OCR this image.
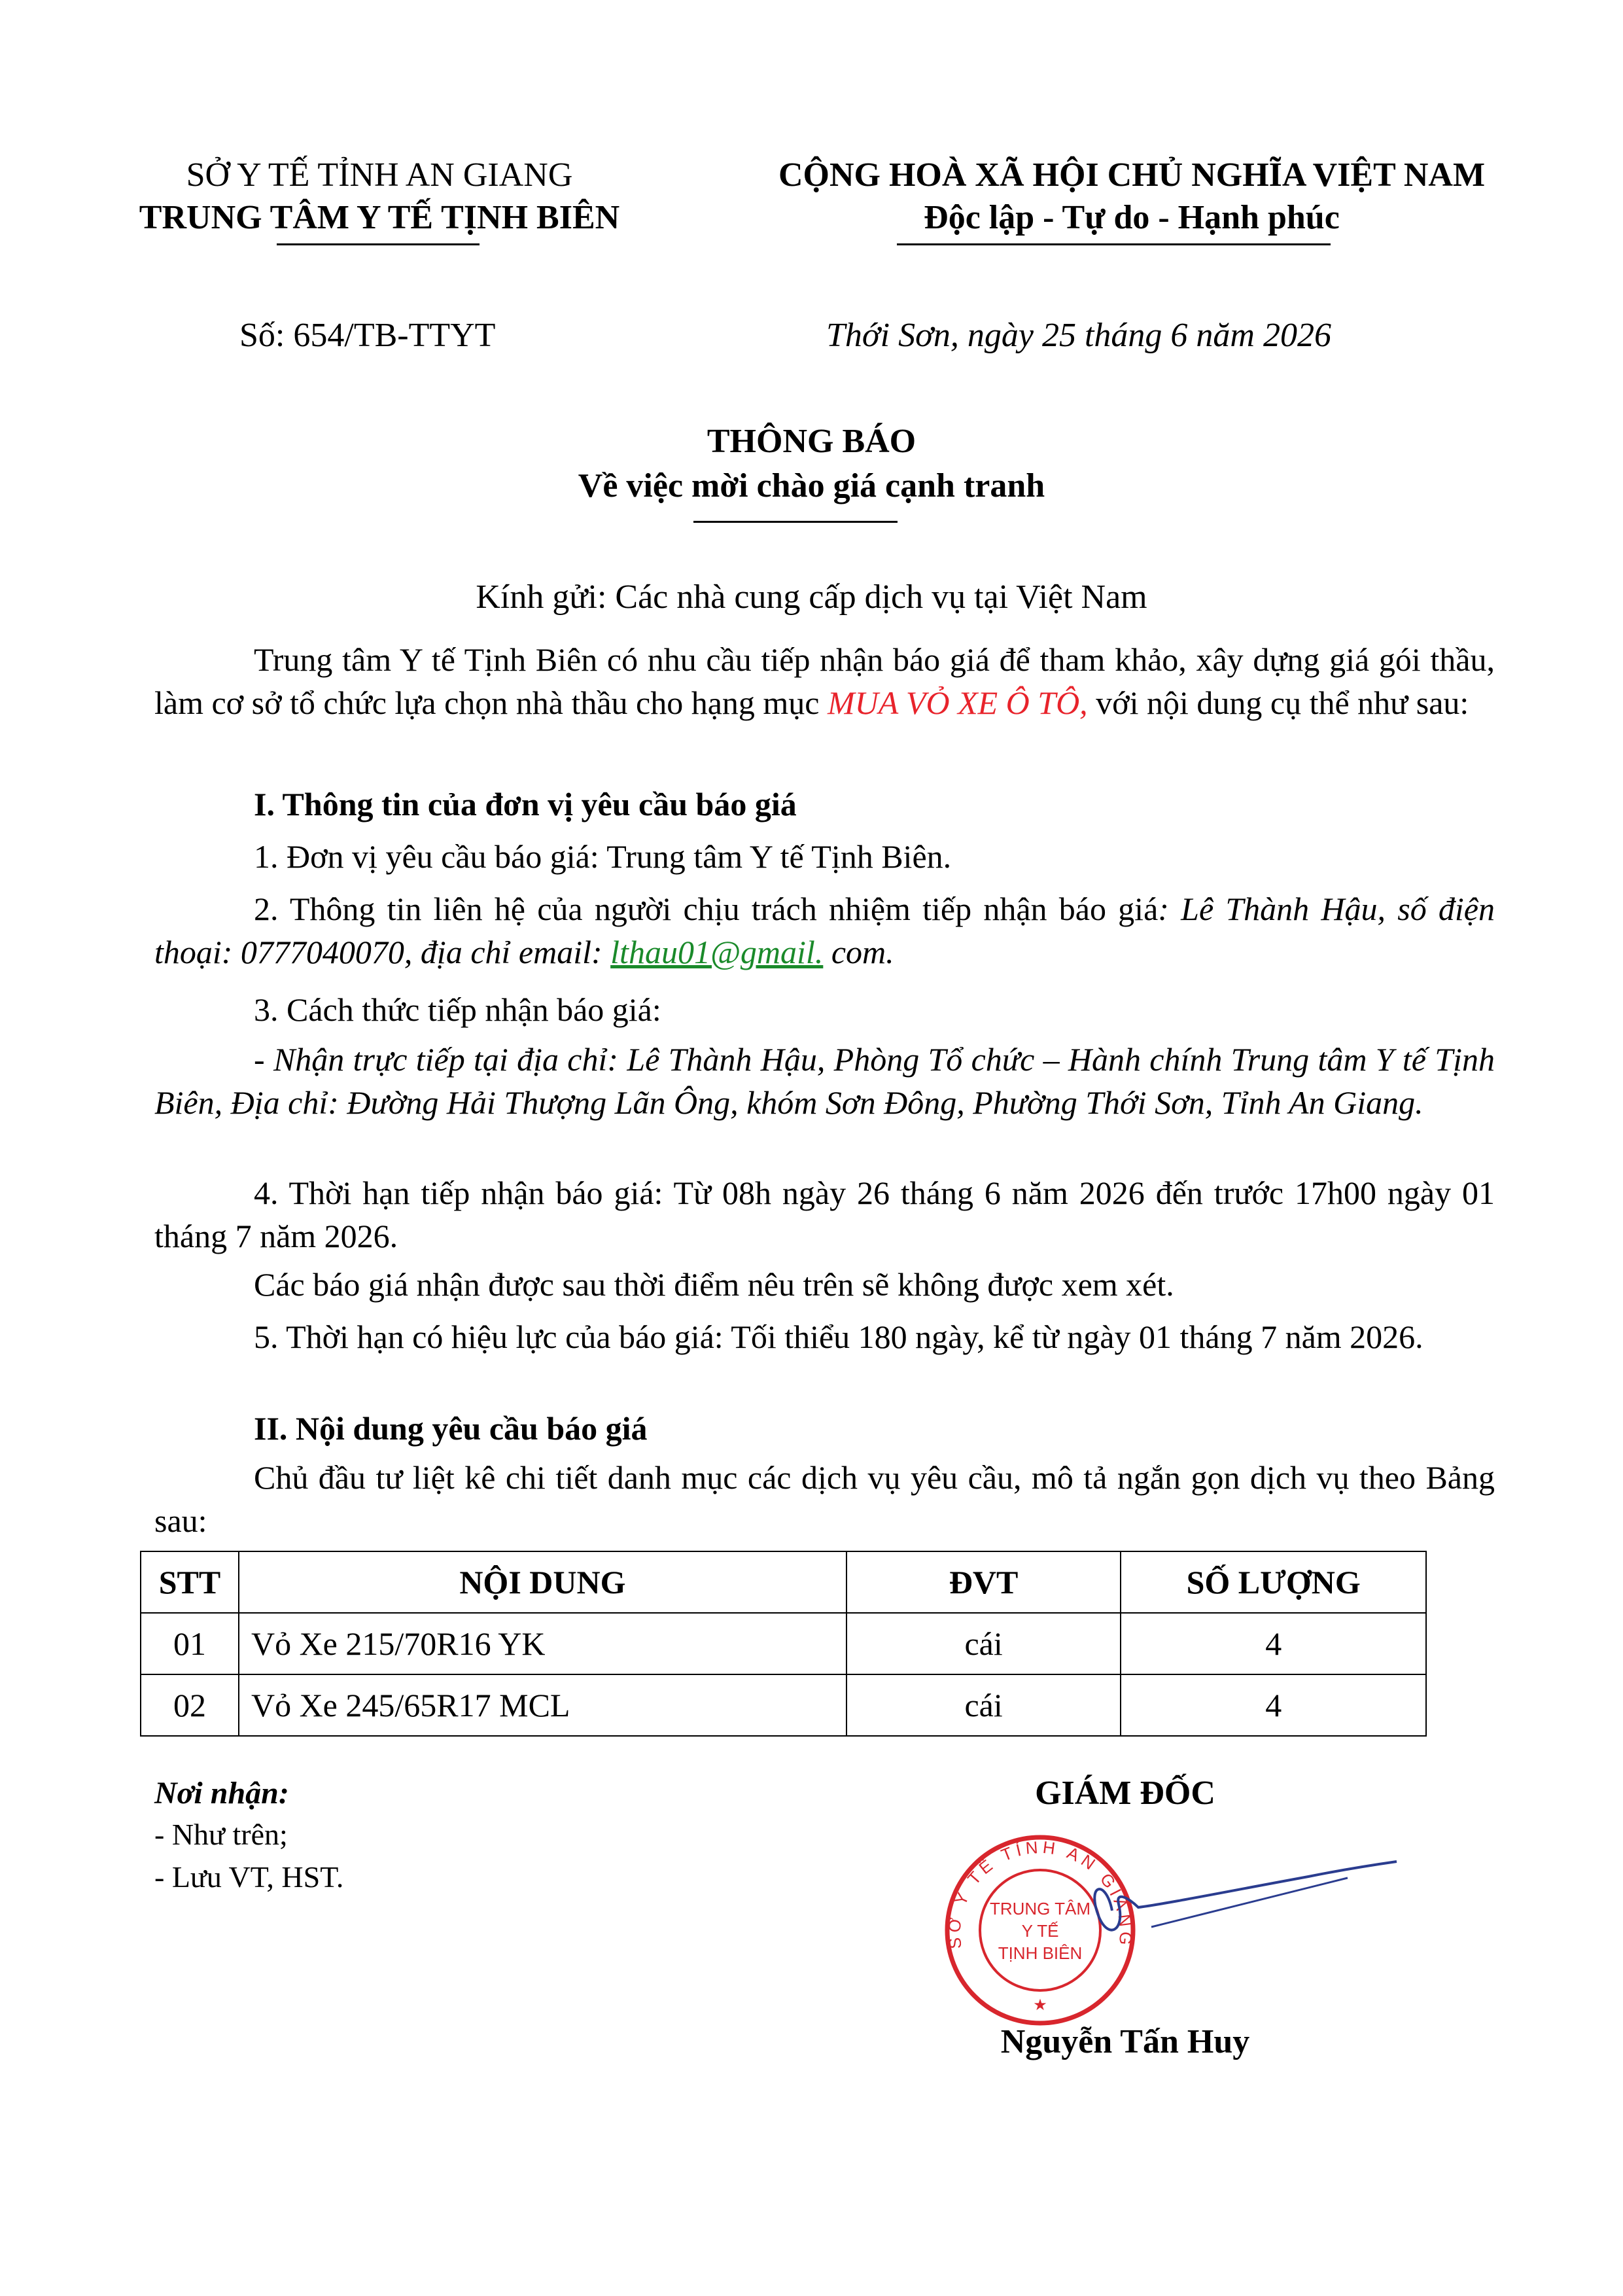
SỞ Y TẾ TỈNH AN GIANG
TRUNG TÂM Y TẾ TỊNH BIÊN
CỘNG HOÀ XÃ HỘI CHỦ NGHĨA VIỆT NAM
Độc lập - Tự do - Hạnh phúc
Số: 654/TB-TTYT	Thới Sơn, ngày 25 tháng 6 năm 2026
THÔNG BÁO
Về việc mời chào giá cạnh tranh
Kính gửi: Các nhà cung cấp dịch vụ tại Việt Nam
Trung tâm Y tế Tịnh Biên có nhu cầu tiếp nhận báo giá để tham khảo, xây dựng giá gói thầu, làm cơ sở tổ chức lựa chọn nhà thầu cho hạng mục MUA VỎ XE Ô TÔ, với nội dung cụ thể như sau:
I. Thông tin của đơn vị yêu cầu báo giá
1. Đơn vị yêu cầu báo giá: Trung tâm Y tế Tịnh Biên.
2. Thông tin liên hệ của người chịu trách nhiệm tiếp nhận báo giá: Lê Thành Hậu, số điện thoại: 0777040070, địa chỉ email: lthau01@gmail. com.
3. Cách thức tiếp nhận báo giá:
- Nhận trực tiếp tại địa chỉ: Lê Thành Hậu, Phòng Tổ chức – Hành chính Trung tâm Y tế Tịnh Biên, Địa chỉ: Đường Hải Thượng Lãn Ông, khóm Sơn Đông, Phường Thới Sơn, Tỉnh An Giang.
4. Thời hạn tiếp nhận báo giá: Từ 08h ngày 26 tháng 6 năm 2026 đến trước 17h00 ngày 01 tháng 7 năm 2026.
Các báo giá nhận được sau thời điểm nêu trên sẽ không được xem xét.
5. Thời hạn có hiệu lực của báo giá: Tối thiểu 180 ngày, kể từ ngày 01 tháng 7 năm 2026.
II. Nội dung yêu cầu báo giá
Chủ đầu tư liệt kê chi tiết danh mục các dịch vụ yêu cầu, mô tả ngắn gọn dịch vụ theo Bảng sau:
STT	NỘI DUNG	ĐVT	SỐ LƯỢNG
01	Vỏ Xe 215/70R16 YK	cái	4
02	Vỏ Xe 245/65R17 MCL	cái	4
Nơi nhận:
- Như trên;
- Lưu VT, HST.
GIÁM ĐỐC
SỞ Y TẾ TỈNH AN GIANG
TRUNG TÂM
Y TẾ
TỊNH BIÊN
★
Nguyễn Tấn Huy
